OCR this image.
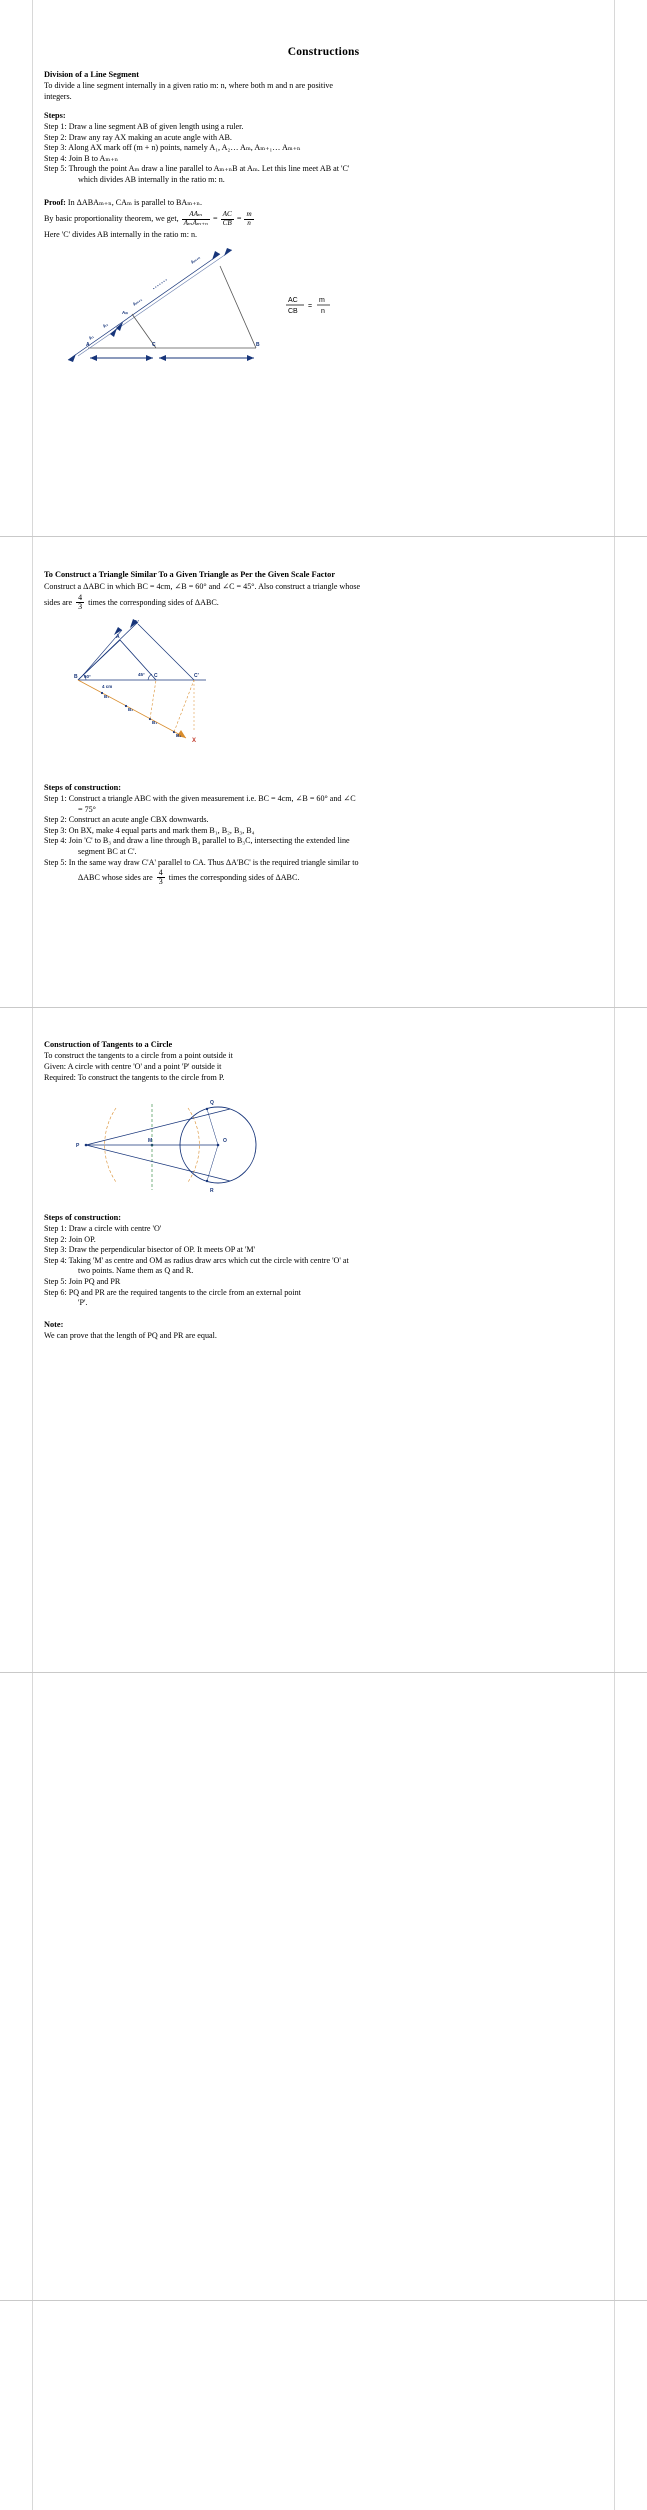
Constructions
Division of a Line Segment
To divide a line segment internally in a given ratio m: n, where both m and n are positive integers.
Steps:
Step 1: Draw a line segment AB of given length using a ruler.
Step 2: Draw any ray AX making an acute angle with AB.
Step 3: Along AX mark off (m + n) points, namely A₁, A₂… Aₘ, Aₘ₊₁… Aₘ₊ₙ
Step 4: Join B to Aₘ₊ₙ
Step 5: Through the point Aₘ draw a line parallel to Aₘ₊ₙB at Aₘ. Let this line meet AB at 'C'
which divides AB internally in the ratio m: n.
Proof: In ΔABAₘ₊ₙ, CAₘ is parallel to BAₘ₊ₙ.
By basic proportionality theorem, we get, $\frac{\text{AAₘ}}{\text{AₘAₘ₊ₙ}} = \frac{AC}{CB} = \frac{m}{n}$
Here 'C' divides AB internally in the ratio m: n.
A	C	B
A₁
A₂
Aₘ
Aₘ₊₁
• • • • • • •
Aₘ₊ₙ
AC
CB
=
m
n
To Construct a Triangle Similar To a Given Triangle as Per the Given Scale Factor
Construct a ΔABC in which BC = 4cm, ∠B = 60° and ∠C = 45°. Also construct a triangle whose
sides are $\frac{4}{3}$ times the corresponding sides of ΔABC.
B	C	C'
A
A'
B₁
B₂
B₃
B₄
X
60°	45°
4 cm
Steps of construction:
Step 1: Construct a triangle ABC with the given measurement i.e. BC = 4cm, ∠B = 60° and ∠C
= 75°
Step 2: Construct an acute angle CBX downwards.
Step 3: On BX, make 4 equal parts and mark them B₁, B₂, B₃, B₄
Step 4: Join 'C' to B₃ and draw a line through B₄ parallel to B₃C, intersecting the extended line
segment BC at C'.
Step 5: In the same way draw C'A' parallel to CA. Thus ΔA'BC' is the required triangle similar to
ΔABC whose sides are $\frac{4}{3}$ times the corresponding sides of ΔABC.
Construction of Tangents to a Circle
To construct the tangents to a circle from a point outside it
Given: A circle with centre 'O' and a point 'P' outside it
Required: To construct the tangents to the circle from P.
P
M	O
Q
R
Steps of construction:
Step 1: Draw a circle with centre 'O'
Step 2: Join OP.
Step 3: Draw the perpendicular bisector of OP. It meets OP at 'M'
Step 4: Taking 'M' as centre and OM as radius draw arcs which cut the circle with centre 'O' at
two points. Name them as Q and R.
Step 5: Join PQ and PR
Step 6: PQ and PR are the required tangents to the circle from an external point
'P'.
Note:
We can prove that the length of PQ and PR are equal.
